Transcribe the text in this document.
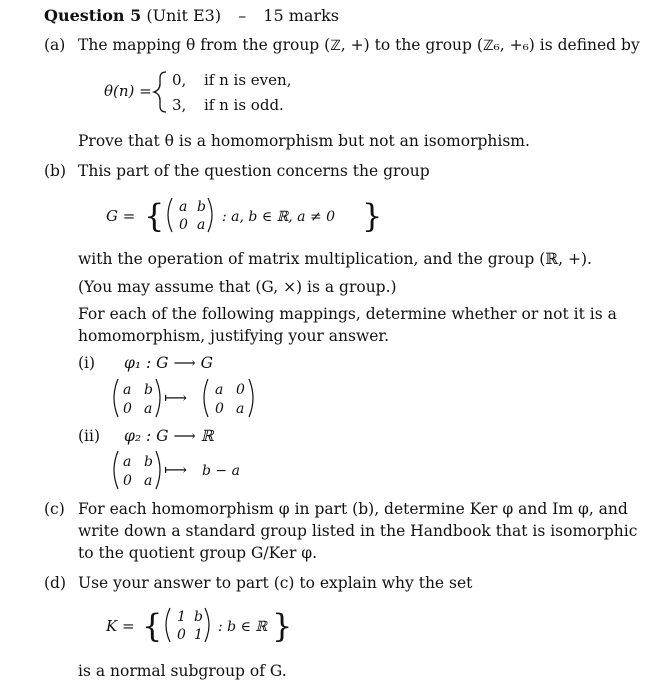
Question 5 (Unit E3) – 15 marks
(a) The mapping θ from the group (ℤ, +) to the group (ℤ₆, +₆) is defined by
θ(n) =
0, if n is even,
3, if n is odd.
Prove that θ is a homomorphism but not an isomorphism.
(b) This part of the question concerns the group
G = { a b
0 a : a, b ∈ ℝ, a ≠ 0 }
with the operation of matrix multiplication, and the group (ℝ, +).
(You may assume that (G, ×) is a group.)
For each of the following mappings, determine whether or not it is a
homomorphism, justifying your answer.
(i) φ₁ : G ⟶ G
a b
0 a
⟼ a 0
0 a
(ii) φ₂ : G ⟶ ℝ
a b
0 a
⟼ b − a
(c) For each homomorphism φ in part (b), determine Ker φ and Im φ, and
write down a standard group listed in the Handbook that is isomorphic
to the quotient group G/Ker φ.
(d) Use your answer to part (c) to explain why the set
K = { 1 b
0 1 : b ∈ ℝ }
is a normal subgroup of G.
